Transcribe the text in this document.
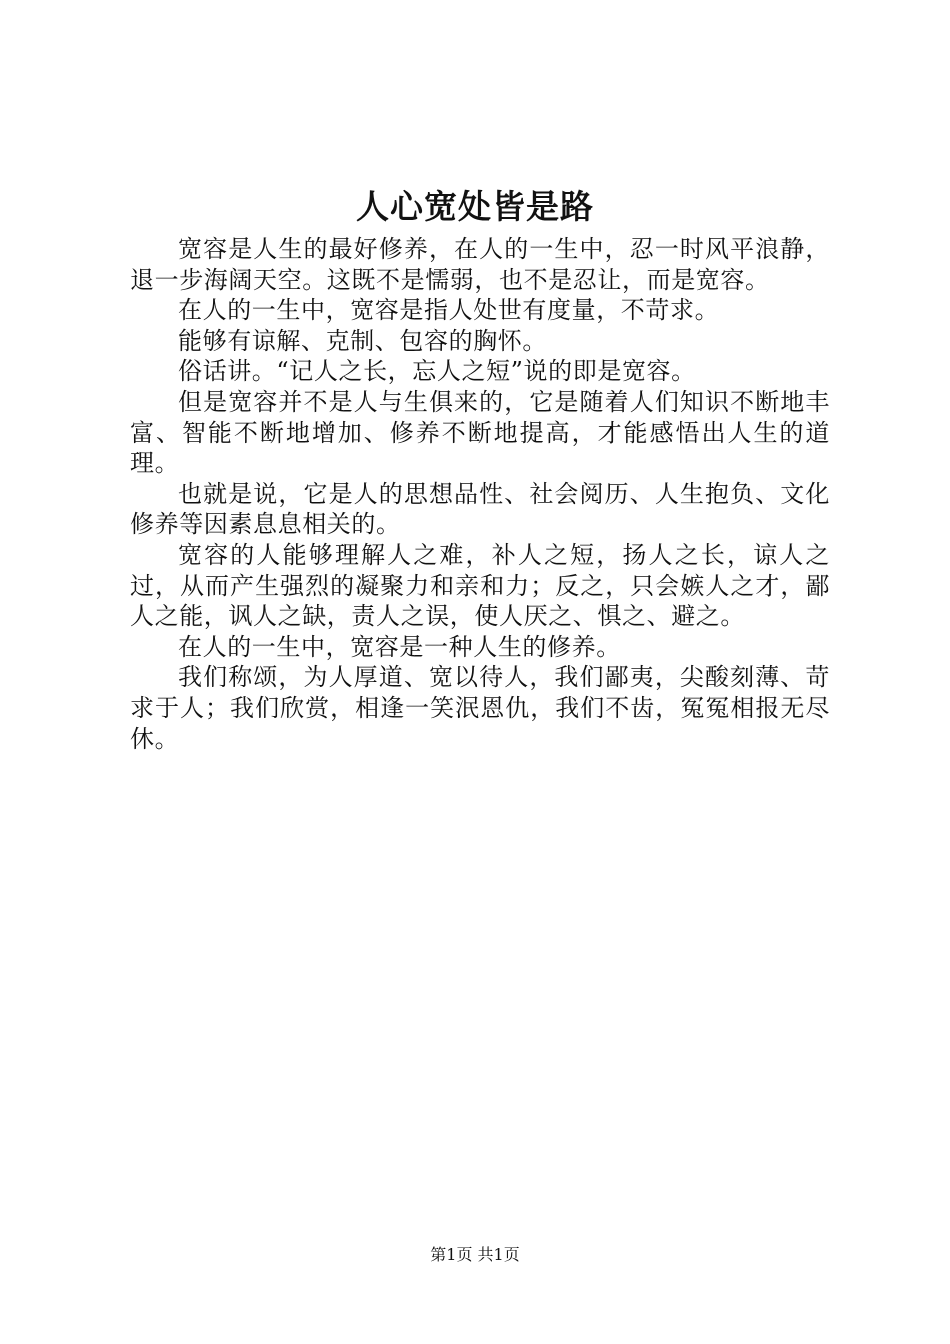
人心宽处皆是路

宽容是人生的最好修养，在人的一生中，忍一时风平浪静，退一步海阔天空。这既不是懦弱，也不是忍让，而是宽容。

在人的一生中，宽容是指人处世有度量，不苛求。

能够有谅解、克制、包容的胸怀。

俗话讲。“记人之长，忘人之短”说的即是宽容。

但是宽容并不是人与生俱来的，它是随着人们知识不断地丰富、智能不断地增加、修养不断地提高，才能感悟出人生的道理。

也就是说，它是人的思想品性、社会阅历、人生抱负、文化修养等因素息息相关的。

宽容的人能够理解人之难，补人之短，扬人之长，谅人之过，从而产生强烈的凝聚力和亲和力；反之，只会嫉人之才，鄙人之能，讽人之缺，责人之误，使人厌之、惧之、避之。

在人的一生中，宽容是一种人生的修养。

我们称颂，为人厚道、宽以待人，我们鄙夷，尖酸刻薄、苛求于人；我们欣赏，相逢一笑泯恩仇，我们不齿，冤冤相报无尽休。

第1页 共1页
